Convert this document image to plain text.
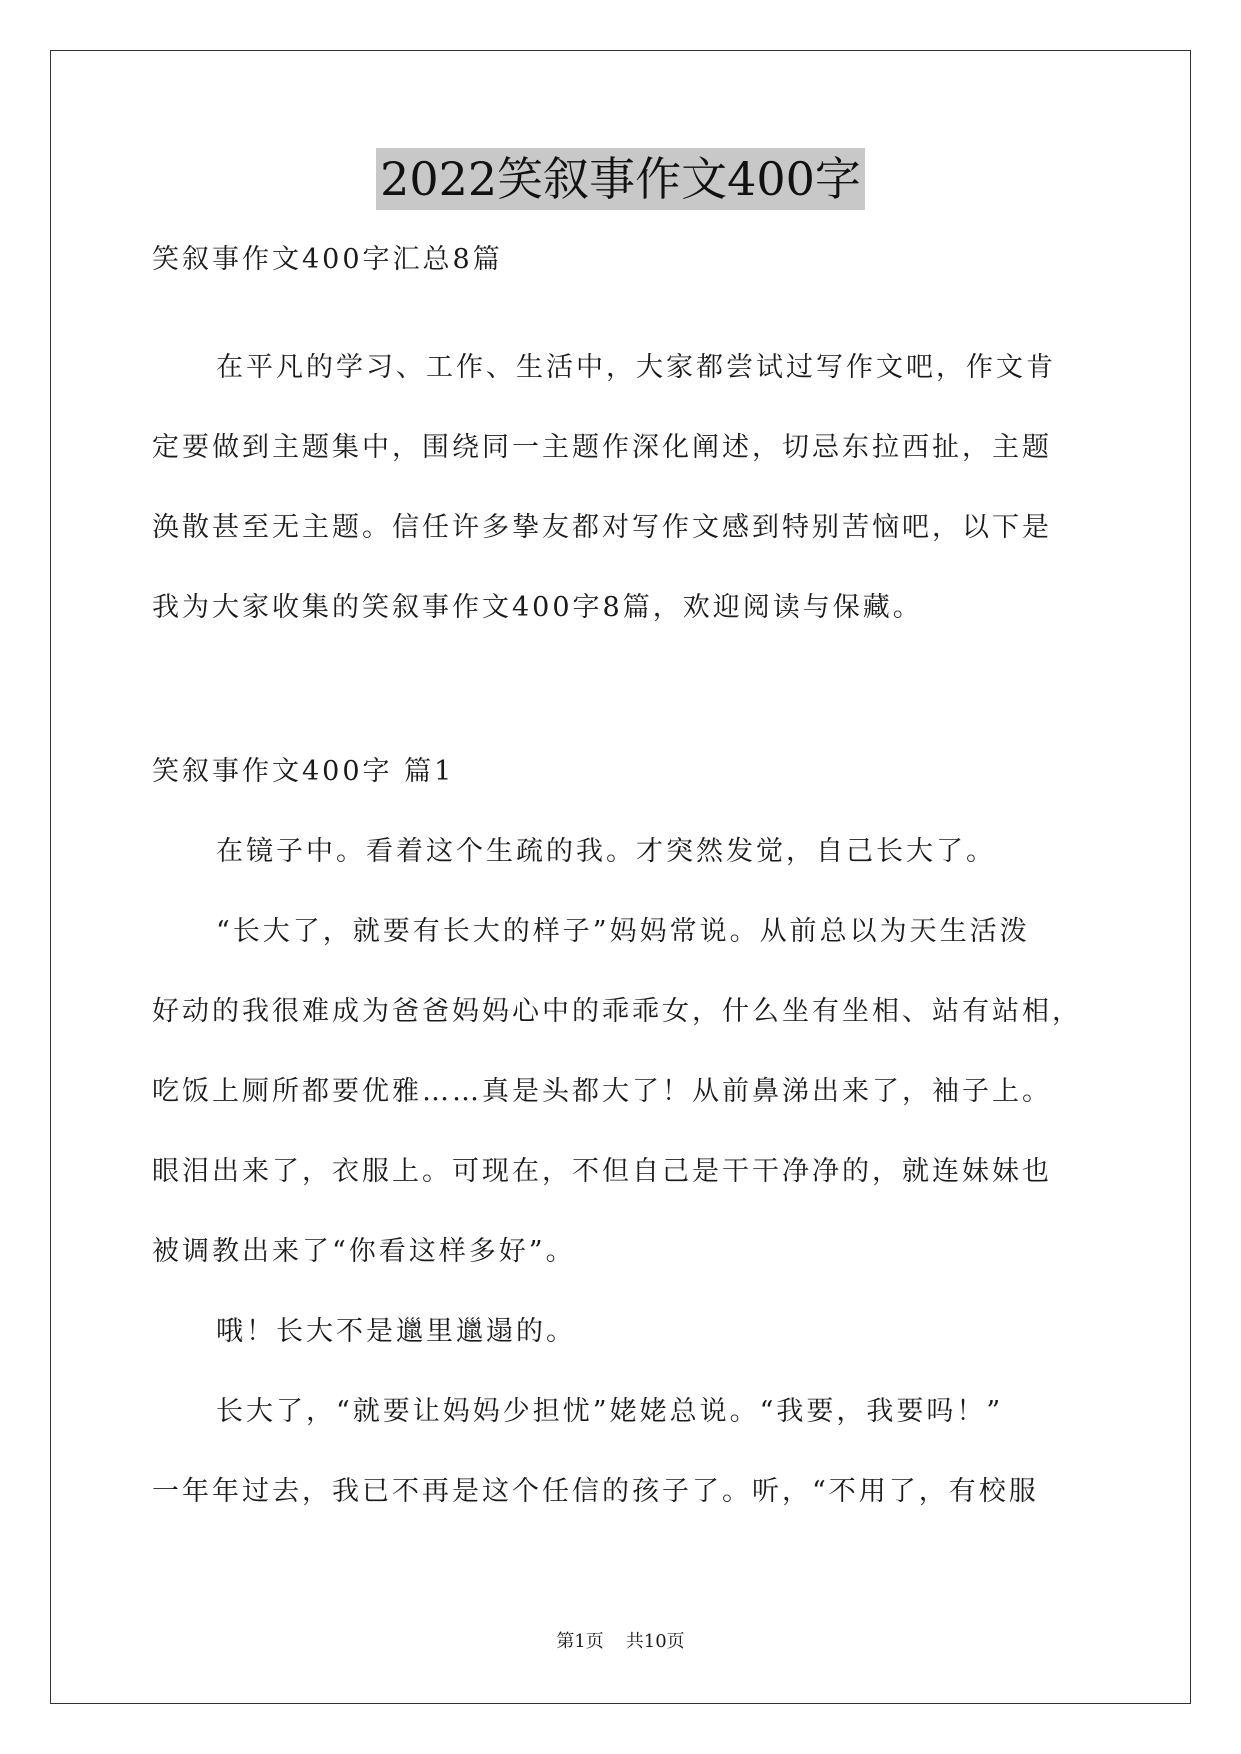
2022笑叙事作文400字
笑叙事作文400字汇总8篇
在平凡的学习、工作、生活中，大家都尝试过写作文吧，作文肯
定要做到主题集中，围绕同一主题作深化阐述，切忌东拉西扯，主题
涣散甚至无主题。信任许多挚友都对写作文感到特别苦恼吧，以下是
我为大家收集的笑叙事作文400字8篇，欢迎阅读与保藏。
笑叙事作文400字 篇1
在镜子中。看着这个生疏的我。才突然发觉，自己长大了。
“长大了，就要有长大的样子”妈妈常说。从前总以为天生活泼
好动的我很难成为爸爸妈妈心中的乖乖女，什么坐有坐相、站有站相，
吃饭上厕所都要优雅……真是头都大了！从前鼻涕出来了，袖子上。
眼泪出来了，衣服上。可现在，不但自己是干干净净的，就连妹妹也
被调教出来了“你看这样多好”。
哦！长大不是邋里邋遢的。
长大了，“就要让妈妈少担忧”姥姥总说。“我要，我要吗！”
一年年过去，我已不再是这个任信的孩子了。听，“不用了，有校服
第1页 共10页
